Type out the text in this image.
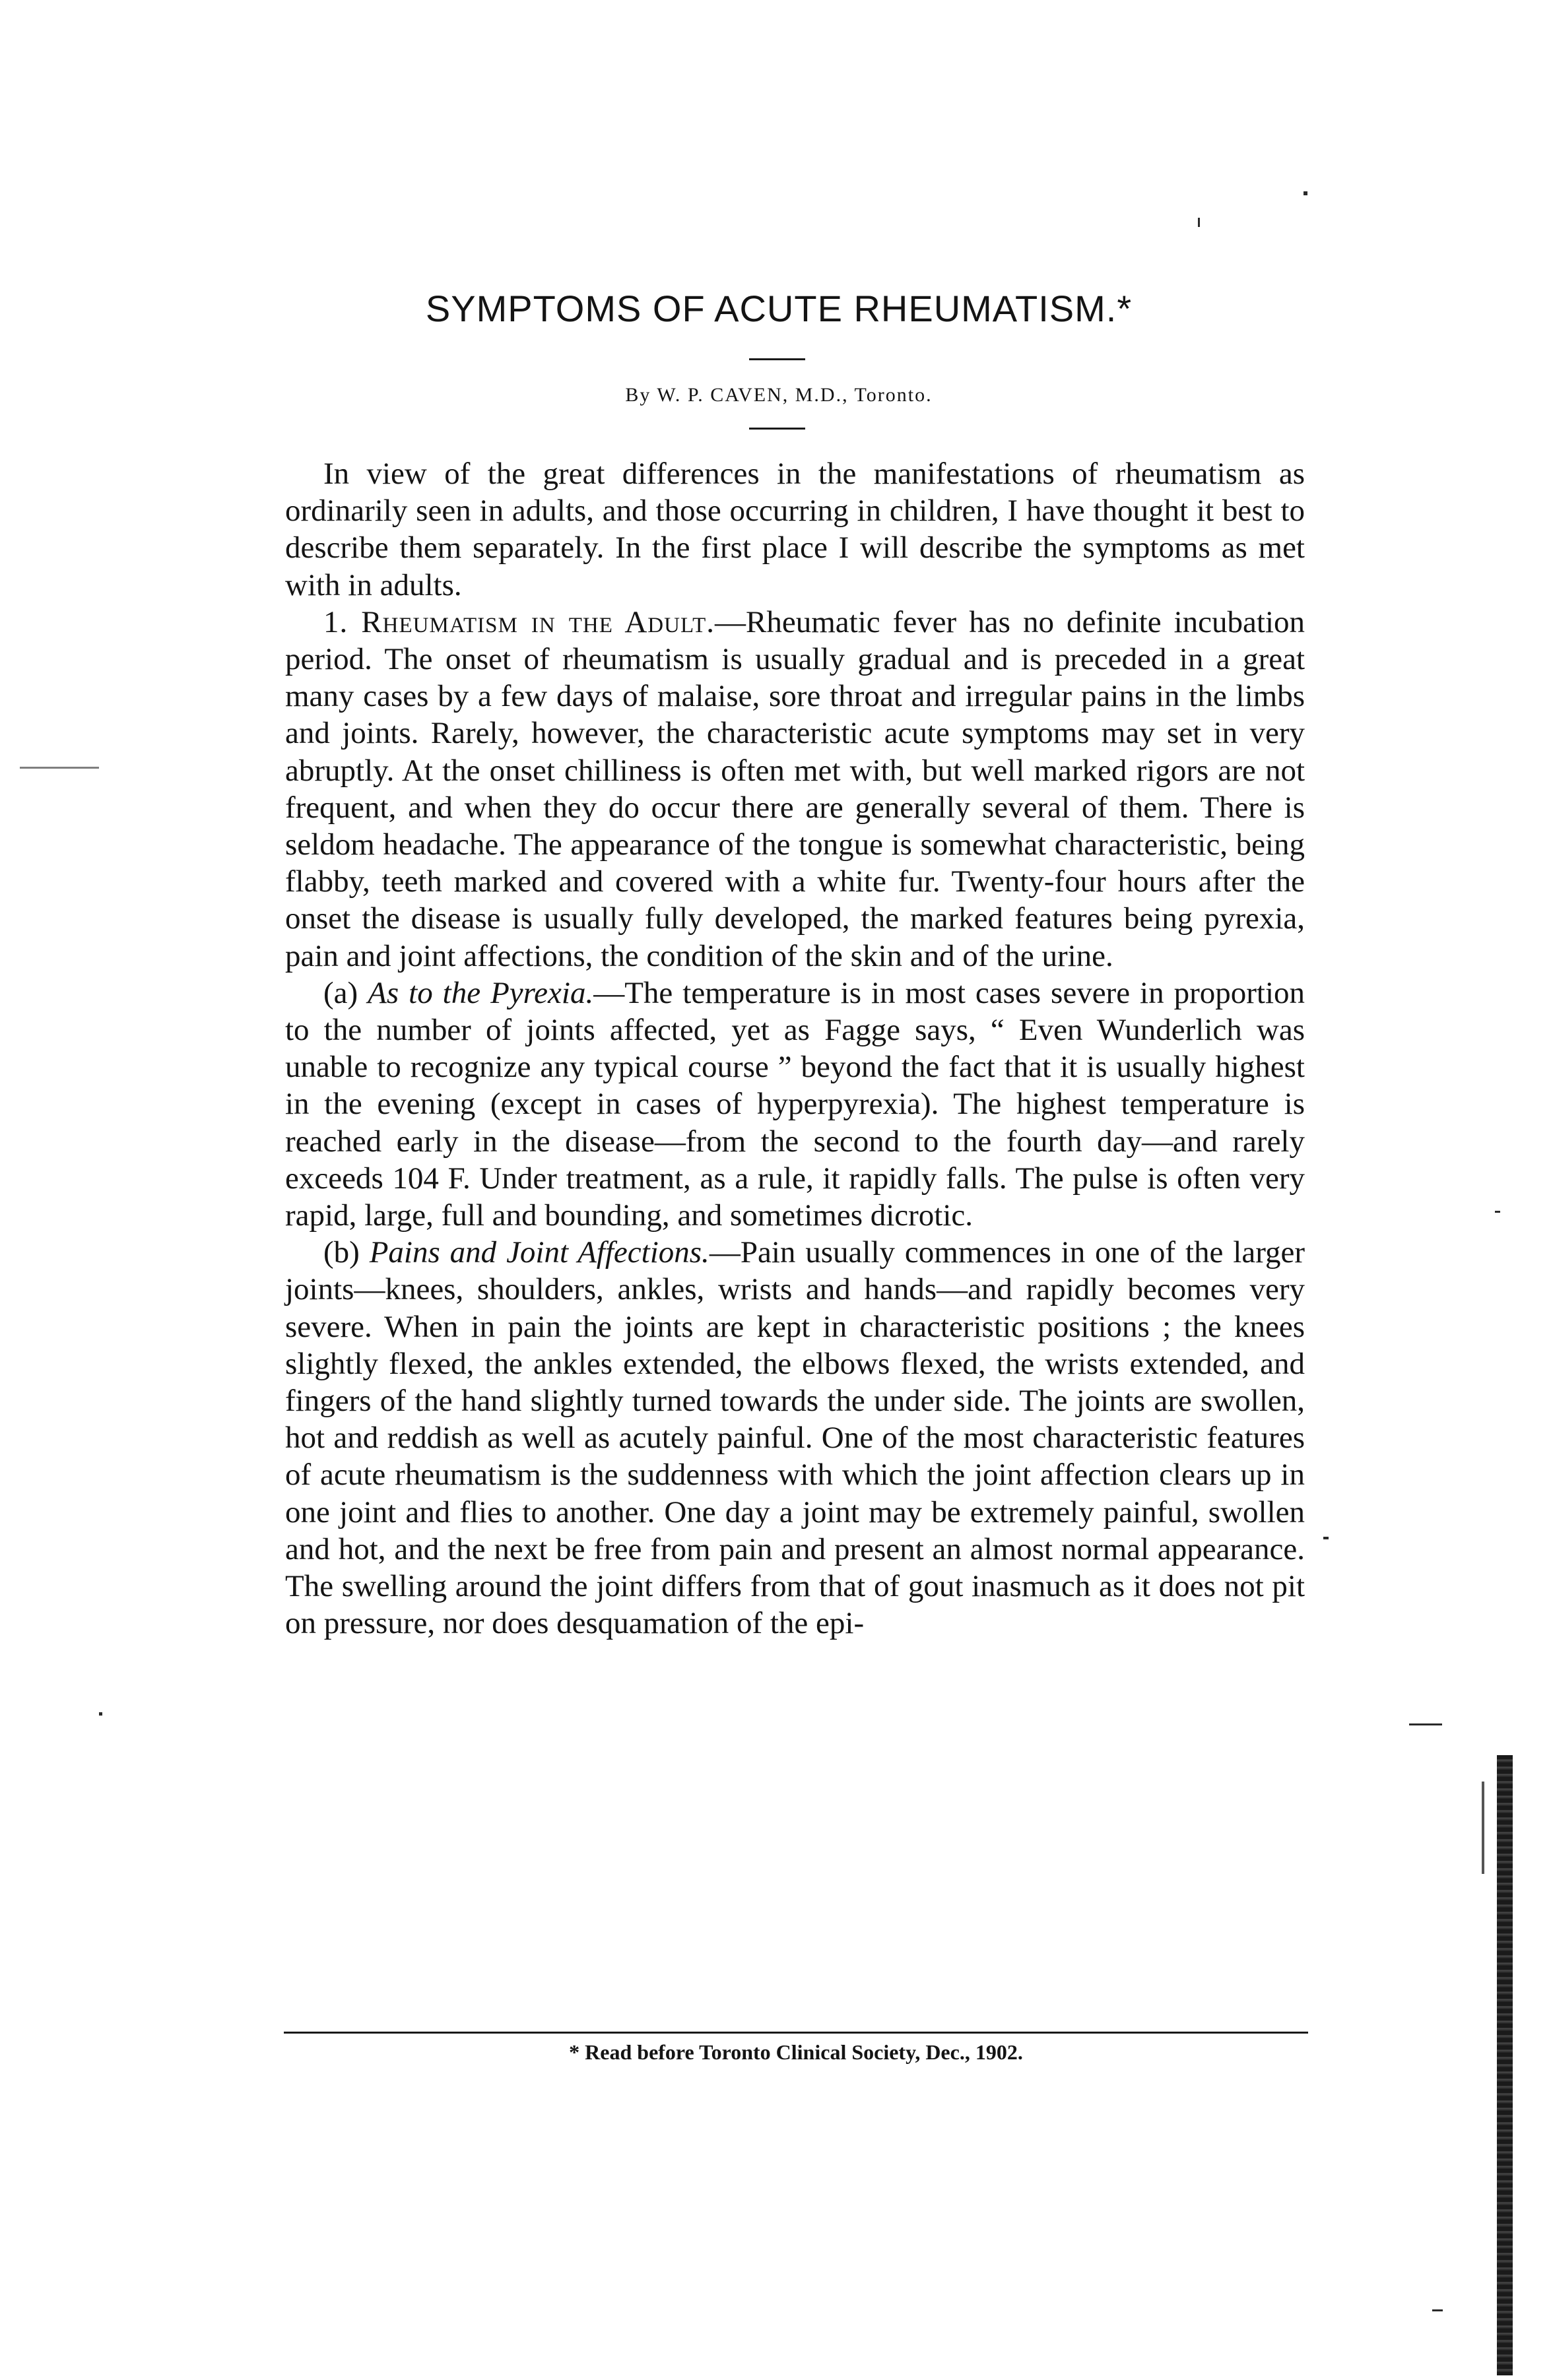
SYMPTOMS OF ACUTE RHEUMATISM.*

By W. P. CAVEN, M.D., Toronto.

In view of the great differences in the manifestations of rheumatism as ordinarily seen in adults, and those occurring in children, I have thought it best to describe them separately. In the first place I will describe the symptoms as met with in adults.

1. Rheumatism in the Adult.—Rheumatic fever has no definite incubation period. The onset of rheumatism is usually gradual and is preceded in a great many cases by a few days of malaise, sore throat and irregular pains in the limbs and joints. Rarely, however, the characteristic acute symptoms may set in very abruptly. At the onset chilliness is often met with, but well marked rigors are not frequent, and when they do occur there are generally several of them. There is seldom headache. The appearance of the tongue is somewhat characteristic, being flabby, teeth marked and covered with a white fur. Twenty-four hours after the onset the disease is usually fully developed, the marked features being pyrexia, pain and joint affections, the condition of the skin and of the urine.

(a) As to the Pyrexia.—The temperature is in most cases severe in proportion to the number of joints affected, yet as Fagge says, “ Even Wunderlich was unable to recognize any typical course ” beyond the fact that it is usually highest in the evening (except in cases of hyperpyrexia). The highest temperature is reached early in the disease—from the second to the fourth day—and rarely exceeds 104 F. Under treatment, as a rule, it rapidly falls. The pulse is often very rapid, large, full and bounding, and sometimes dicrotic.

(b) Pains and Joint Affections.—Pain usually commences in one of the larger joints—knees, shoulders, ankles, wrists and hands—and rapidly becomes very severe. When in pain the joints are kept in characteristic positions ; the knees slightly flexed, the ankles extended, the elbows flexed, the wrists extended, and fingers of the hand slightly turned towards the under side. The joints are swollen, hot and reddish as well as acutely painful. One of the most characteristic features of acute rheumatism is the suddenness with which the joint affection clears up in one joint and flies to another. One day a joint may be extremely painful, swollen and hot, and the next be free from pain and present an almost normal appearance. The swelling around the joint differs from that of gout inasmuch as it does not pit on pressure, nor does desquamation of the epi-

* Read before Toronto Clinical Society, Dec., 1902.
